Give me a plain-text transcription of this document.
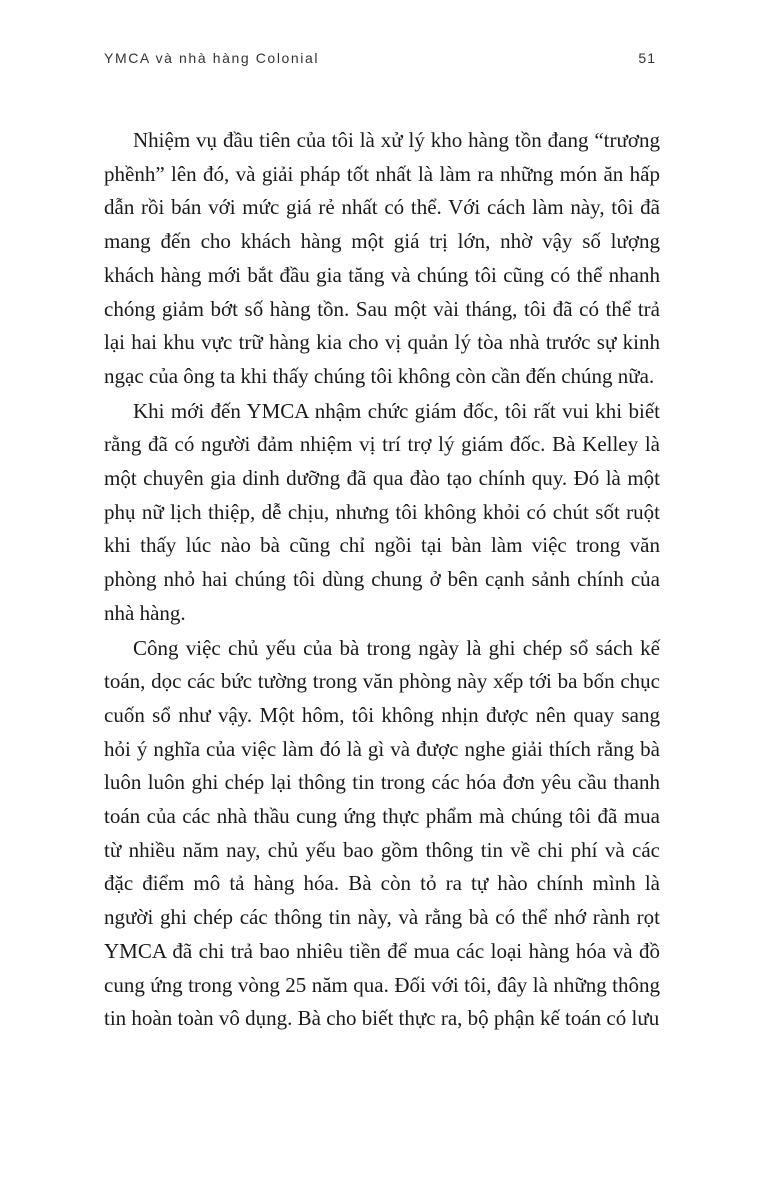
YMCA và nhà hàng Colonial	51

Nhiệm vụ đầu tiên của tôi là xử lý kho hàng tồn đang “trương phềnh” lên đó, và giải pháp tốt nhất là làm ra những món ăn hấp dẫn rồi bán với mức giá rẻ nhất có thể. Với cách làm này, tôi đã mang đến cho khách hàng một giá trị lớn, nhờ vậy số lượng khách hàng mới bắt đầu gia tăng và chúng tôi cũng có thể nhanh chóng giảm bớt số hàng tồn. Sau một vài tháng, tôi đã có thể trả lại hai khu vực trữ hàng kia cho vị quản lý tòa nhà trước sự kinh ngạc của ông ta khi thấy chúng tôi không còn cần đến chúng nữa.

Khi mới đến YMCA nhậm chức giám đốc, tôi rất vui khi biết rằng đã có người đảm nhiệm vị trí trợ lý giám đốc. Bà Kelley là một chuyên gia dinh dưỡng đã qua đào tạo chính quy. Đó là một phụ nữ lịch thiệp, dễ chịu, nhưng tôi không khỏi có chút sốt ruột khi thấy lúc nào bà cũng chỉ ngồi tại bàn làm việc trong văn phòng nhỏ hai chúng tôi dùng chung ở bên cạnh sảnh chính của nhà hàng.

Công việc chủ yếu của bà trong ngày là ghi chép sổ sách kế toán, dọc các bức tường trong văn phòng này xếp tới ba bốn chục cuốn sổ như vậy. Một hôm, tôi không nhịn được nên quay sang hỏi ý nghĩa của việc làm đó là gì và được nghe giải thích rằng bà luôn luôn ghi chép lại thông tin trong các hóa đơn yêu cầu thanh toán của các nhà thầu cung ứng thực phẩm mà chúng tôi đã mua từ nhiều năm nay, chủ yếu bao gồm thông tin về chi phí và các đặc điểm mô tả hàng hóa. Bà còn tỏ ra tự hào chính mình là người ghi chép các thông tin này, và rằng bà có thể nhớ rành rọt YMCA đã chi trả bao nhiêu tiền để mua các loại hàng hóa và đồ cung ứng trong vòng 25 năm qua. Đối với tôi, đây là những thông tin hoàn toàn vô dụng. Bà cho biết thực ra, bộ phận kế toán có lưu
